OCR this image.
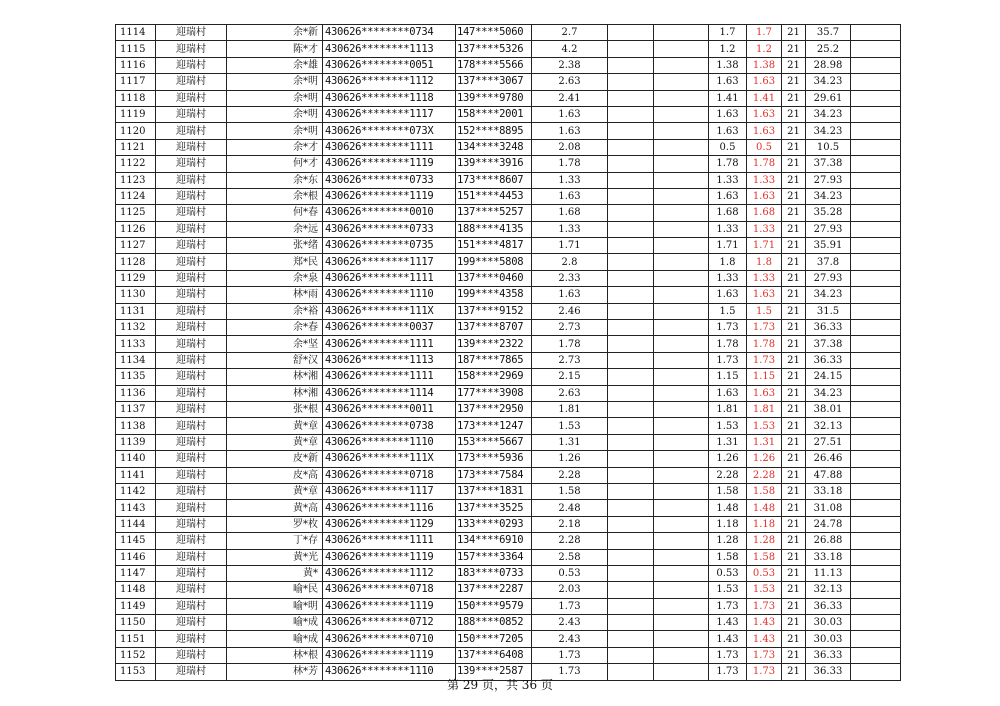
1114	迎瑞村	余*新	430626********0734	147****5060	2.7			1.7	1.7	21	35.7	
1115	迎瑞村	陈*才	430626********1113	137****5326	4.2			1.2	1.2	21	25.2	
1116	迎瑞村	余*雄	430626********0051	178****5566	2.38			1.38	1.38	21	28.98	
1117	迎瑞村	余*明	430626********1112	137****3067	2.63			1.63	1.63	21	34.23	
1118	迎瑞村	余*明	430626********1118	139****9780	2.41			1.41	1.41	21	29.61	
1119	迎瑞村	余*明	430626********1117	158****2001	1.63			1.63	1.63	21	34.23	
1120	迎瑞村	余*明	430626********073X	152****8895	1.63			1.63	1.63	21	34.23	
1121	迎瑞村	余*才	430626********1111	134****3248	2.08			0.5	0.5	21	10.5	
1122	迎瑞村	何*才	430626********1119	139****3916	1.78			1.78	1.78	21	37.38	
1123	迎瑞村	余*东	430626********0733	173****8607	1.33			1.33	1.33	21	27.93	
1124	迎瑞村	余*根	430626********1119	151****4453	1.63			1.63	1.63	21	34.23	
1125	迎瑞村	何*春	430626********0010	137****5257	1.68			1.68	1.68	21	35.28	
1126	迎瑞村	余*远	430626********0733	188****4135	1.33			1.33	1.33	21	27.93	
1127	迎瑞村	张*绪	430626********0735	151****4817	1.71			1.71	1.71	21	35.91	
1128	迎瑞村	郑*民	430626********1117	199****5808	2.8			1.8	1.8	21	37.8	
1129	迎瑞村	余*泉	430626********1111	137****0460	2.33			1.33	1.33	21	27.93	
1130	迎瑞村	林*雨	430626********1110	199****4358	1.63			1.63	1.63	21	34.23	
1131	迎瑞村	余*裕	430626********111X	137****9152	2.46			1.5	1.5	21	31.5	
1132	迎瑞村	余*春	430626********0037	137****8707	2.73			1.73	1.73	21	36.33	
1133	迎瑞村	余*坚	430626********1111	139****2322	1.78			1.78	1.78	21	37.38	
1134	迎瑞村	舒*汉	430626********1113	187****7865	2.73			1.73	1.73	21	36.33	
1135	迎瑞村	林*湘	430626********1111	158****2969	2.15			1.15	1.15	21	24.15	
1136	迎瑞村	林*湘	430626********1114	177****3908	2.63			1.63	1.63	21	34.23	
1137	迎瑞村	张*根	430626********0011	137****2950	1.81			1.81	1.81	21	38.01	
1138	迎瑞村	黄*章	430626********0738	173****1247	1.53			1.53	1.53	21	32.13	
1139	迎瑞村	黄*章	430626********1110	153****5667	1.31			1.31	1.31	21	27.51	
1140	迎瑞村	皮*新	430626********111X	173****5936	1.26			1.26	1.26	21	26.46	
1141	迎瑞村	皮*高	430626********0718	173****7584	2.28			2.28	2.28	21	47.88	
1142	迎瑞村	黄*章	430626********1117	137****1831	1.58			1.58	1.58	21	33.18	
1143	迎瑞村	黄*高	430626********1116	137****3525	2.48			1.48	1.48	21	31.08	
1144	迎瑞村	罗*枚	430626********1129	133****0293	2.18			1.18	1.18	21	24.78	
1145	迎瑞村	丁*存	430626********1111	134****6910	2.28			1.28	1.28	21	26.88	
1146	迎瑞村	黄*光	430626********1119	157****3364	2.58			1.58	1.58	21	33.18	
1147	迎瑞村	黄*	430626********1112	183****0733	0.53			0.53	0.53	21	11.13	
1148	迎瑞村	喻*民	430626********0718	137****2287	2.03			1.53	1.53	21	32.13	
1149	迎瑞村	喻*明	430626********1119	150****9579	1.73			1.73	1.73	21	36.33	
1150	迎瑞村	喻*成	430626********0712	188****0852	2.43			1.43	1.43	21	30.03	
1151	迎瑞村	喻*成	430626********0710	150****7205	2.43			1.43	1.43	21	30.03	
1152	迎瑞村	林*根	430626********1119	137****6408	1.73			1.73	1.73	21	36.33	
1153	迎瑞村	林*芳	430626********1110	139****2587	1.73			1.73	1.73	21	36.33	
第 29 页，共 36 页
